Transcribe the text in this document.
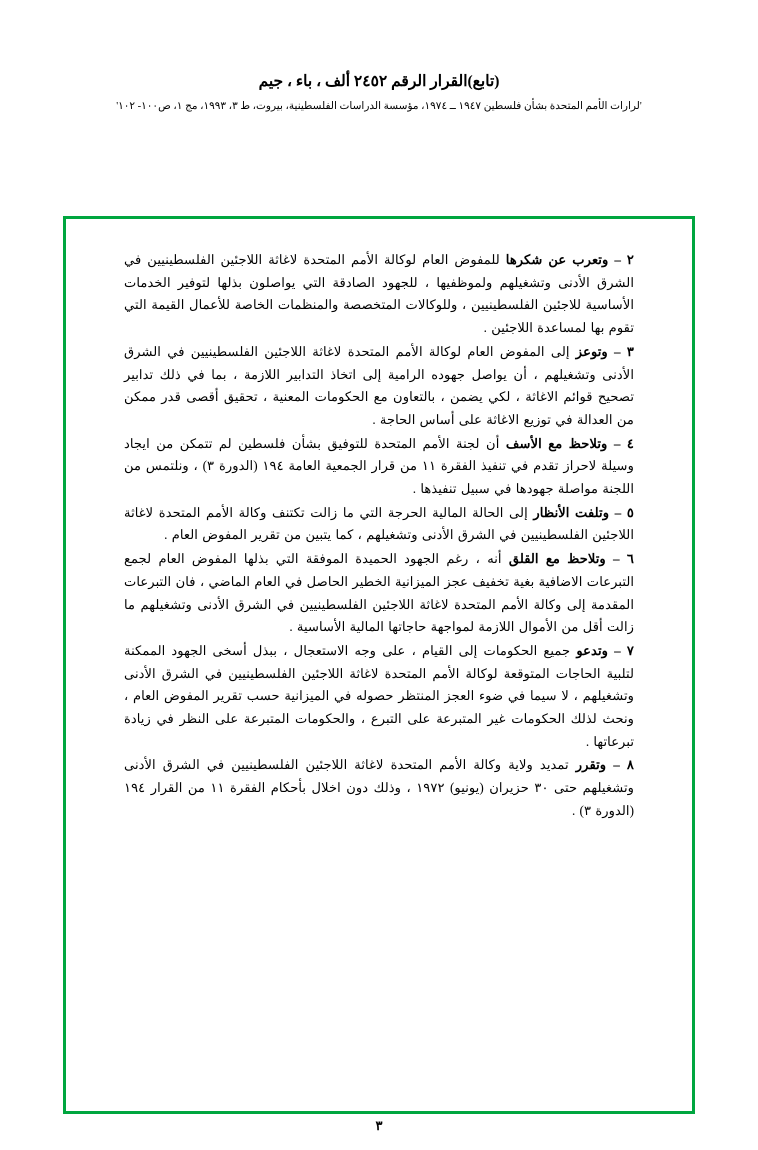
(تابع)القرار الرقم ٢٤٥٢ ألف ، باء ، جيم
'لرارات الأمم المتحدة بشأن فلسطين ١٩٤٧ ــ ١٩٧٤، مؤسسة الدراسات الفلسطينية، بيروت، ط ٣، ١٩٩٣، مج ١، ص١٠٠- ١٠٢'

٢ – وتعرب عن شكرها للمفوض العام لوكالة الأمم المتحدة لاغاثة اللاجئين الفلسطينيين في الشرق الأدنى وتشغيلهم ولموظفيها ، للجهود الصادقة التي يواصلون بذلها لتوفير الخدمات الأساسية للاجئين الفلسطينيين ، وللوكالات المتخصصة والمنظمات الخاصة للأعمال القيمة التي تقوم بها لمساعدة اللاجئين .

٣ – وتوعز إلى المفوض العام لوكالة الأمم المتحدة لاغاثة اللاجئين الفلسطينيين في الشرق الأدنى وتشغيلهم ، أن يواصل جهوده الرامية إلى اتخاذ التدابير اللازمة ، بما في ذلك تدابير تصحيح قوائم الاغاثة ، لكي يضمن ، بالتعاون مع الحكومات المعنية ، تحقيق أقصى قدر ممكن من العدالة في توزيع الاغاثة على أساس الحاجة .

٤ – وتلاحظ مع الأسف أن لجنة الأمم المتحدة للتوفيق بشأن فلسطين لم تتمكن من ايجاد وسيلة لاحراز تقدم في تنفيذ الفقرة ١١ من قرار الجمعية العامة ١٩٤ (الدورة ٣) ، ونلتمس من اللجنة مواصلة جهودها في سبيل تنفيذها .

٥ – وتلفت الأنظار إلى الحالة المالية الحرجة التي ما زالت تكتنف وكالة الأمم المتحدة لاغاثة اللاجئين الفلسطينيين في الشرق الأدنى وتشغيلهم ، كما يتبين من تقرير المفوض العام .

٦ – وتلاحظ مع القلق أنه ، رغم الجهود الحميدة الموفقة التي بذلها المفوض العام لجمع التبرعات الاضافية بغية تخفيف عجز الميزانية الخطير الحاصل في العام الماضي ، فان التبرعات المقدمة إلى وكالة الأمم المتحدة لاغاثة اللاجئين الفلسطينيين في الشرق الأدنى وتشغيلهم ما زالت أقل من الأموال اللازمة لمواجهة حاجاتها المالية الأساسية .

٧ – وتدعو جميع الحكومات إلى القيام ، على وجه الاستعجال ، ببذل أسخى الجهود الممكنة لتلبية الحاجات المتوقعة لوكالة الأمم المتحدة لاغاثة اللاجئين الفلسطينيين في الشرق الأدنى وتشغيلهم ، لا سيما في ضوء العجز المنتظر حصوله في الميزانية حسب تقرير المفوض العام ، ونحث لذلك الحكومات غير المتبرعة على التبرع ، والحكومات المتبرعة على النظر في زيادة تبرعاتها .

٨ – وتقرر تمديد ولاية وكالة الأمم المتحدة لاغاثة اللاجئين الفلسطينيين في الشرق الأدنى وتشغيلهم حتى ٣٠ حزيران (يونيو) ١٩٧٢ ، وذلك دون اخلال بأحكام الفقرة ١١ من القرار ١٩٤ (الدورة ٣) .

٣
